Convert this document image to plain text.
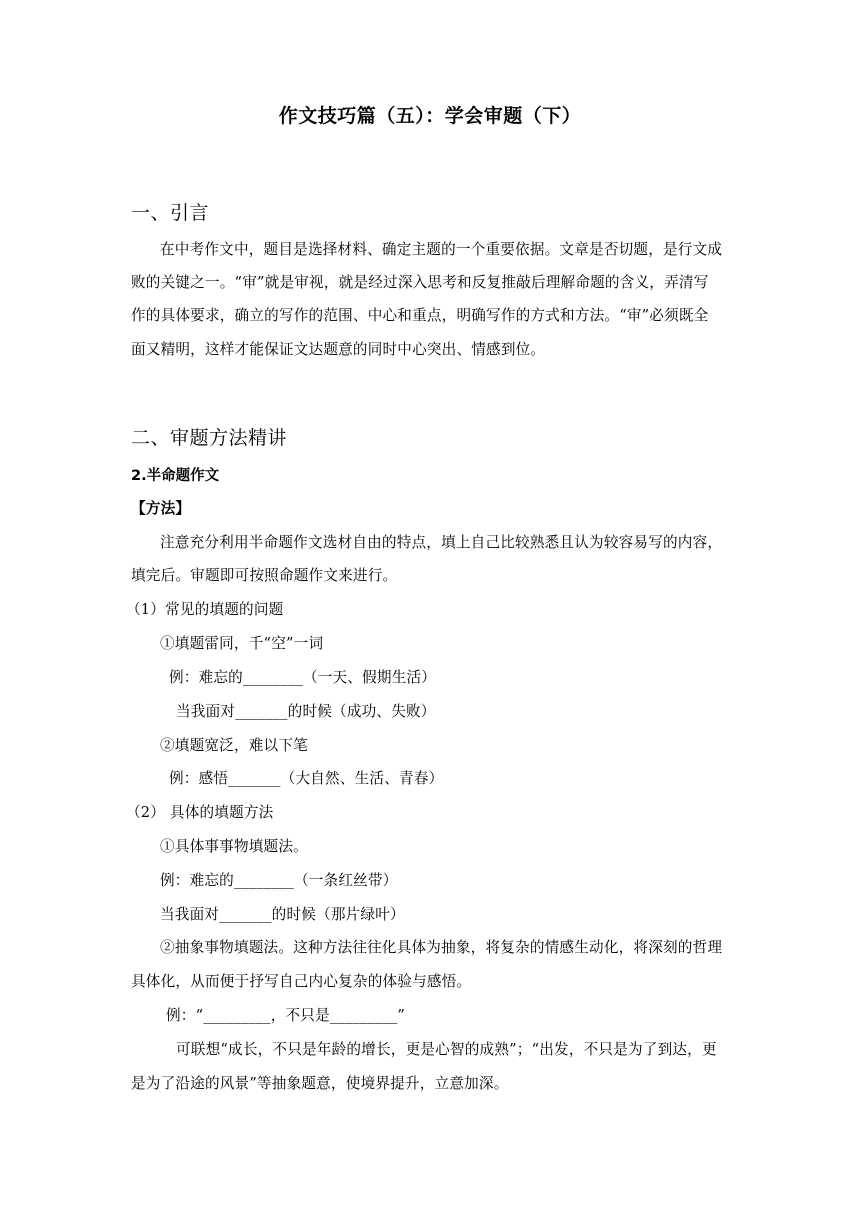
作文技巧篇（五）：学会审题（下）
一、引言
在中考作文中，题目是选择材料、确定主题的一个重要依据。文章是否切题，是行文成
败的关键之一。“审”就是审视，就是经过深入思考和反复推敲后理解命题的含义，弄清写
作的具体要求，确立的写作的范围、中心和重点，明确写作的方式和方法。“审”必须既全
面又精明，这样才能保证文达题意的同时中心突出、情感到位。
二、审题方法精讲
2.半命题作文
【方法】
注意充分利用半命题作文选材自由的特点，填上自己比较熟悉且认为较容易写的内容，
填完后。审题即可按照命题作文来进行。
（1）常见的填题的问题
①填题雷同，千“空”一词
例：难忘的________（一天、假期生活）
当我面对_______的时候（成功、失败）
②填题宽泛，难以下笔
例：感悟_______（大自然、生活、青春）
（2） 具体的填题方法
①具体事事物填题法。
例：难忘的________（一条红丝带）
当我面对_______的时候（那片绿叶）
②抽象事物填题法。这种方法往往化具体为抽象，将复杂的情感生动化，将深刻的哲理
具体化，从而便于抒写自己内心复杂的体验与感悟。
例：“_________，不只是_________”
可联想“成长，不只是年龄的增长，更是心智的成熟”；“出发，不只是为了到达，更
是为了沿途的风景”等抽象题意，使境界提升，立意加深。
